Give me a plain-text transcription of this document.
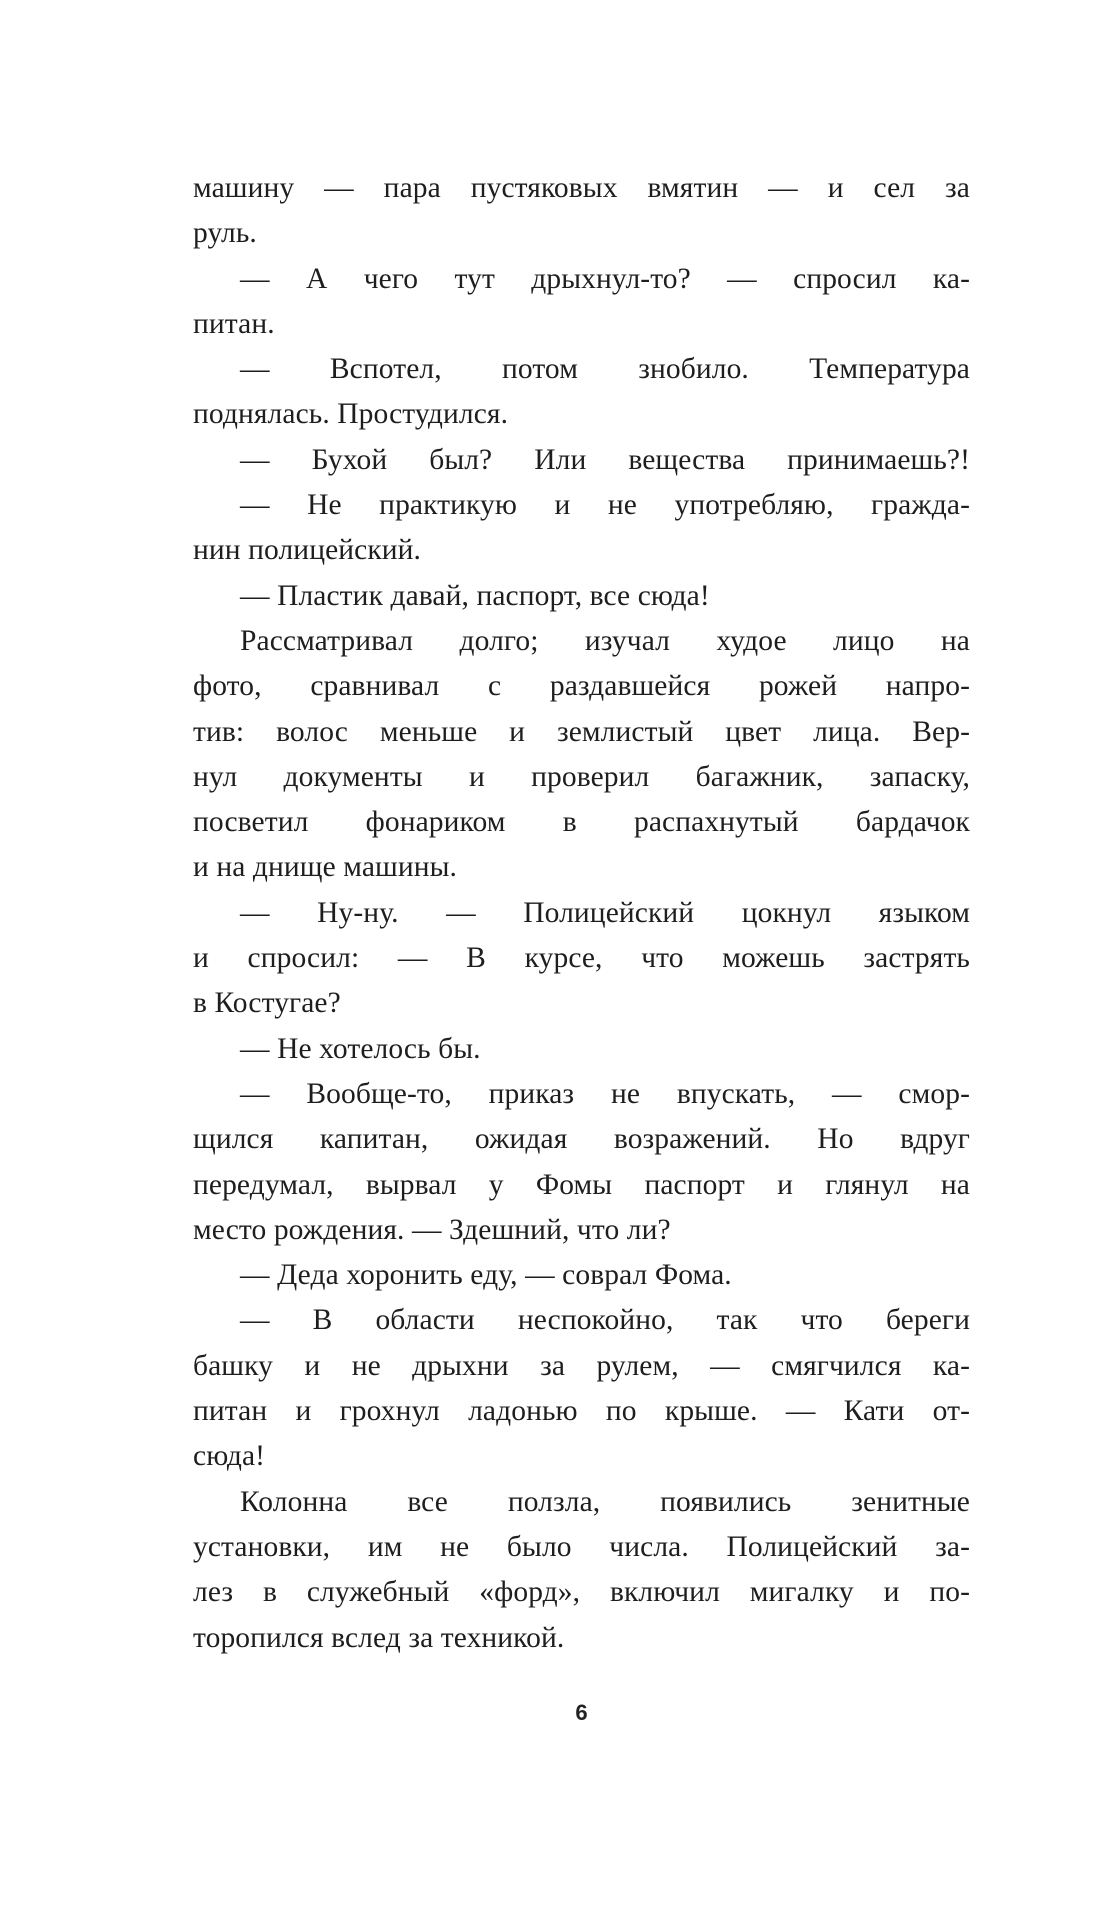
машину — пара пустяковых вмятин — и сел за
руль.
— А чего тут дрыхнул-то? — спросил ка-
питан.
— Вспотел, потом знобило. Температура
поднялась. Простудился.
— Бухой был? Или вещества принимаешь?!
— Не практикую и не употребляю, гражда-
нин полицейский.
— Пластик давай, паспорт, все сюда!
Рассматривал долго; изучал худое лицо на
фото, сравнивал с раздавшейся рожей напро-
тив: волос меньше и землистый цвет лица. Вер-
нул документы и проверил багажник, запаску,
посветил фонариком в распахнутый бардачок
и на днище машины.
— Ну-ну. — Полицейский цокнул языком
и спросил: — В курсе, что можешь застрять
в Костугае?
— Не хотелось бы.
— Вообще-то, приказ не впускать, — смор-
щился капитан, ожидая возражений. Но вдруг
передумал, вырвал у Фомы паспорт и глянул на
место рождения. — Здешний, что ли?
— Деда хоронить еду, — соврал Фома.
— В области неспокойно, так что береги
башку и не дрыхни за рулем, — смягчился ка-
питан и грохнул ладонью по крыше. — Кати от-
сюда!
Колонна все ползла, появились зенитные
установки, им не было числа. Полицейский за-
лез в служебный «форд», включил мигалку и по-
торопился вслед за техникой.
6
